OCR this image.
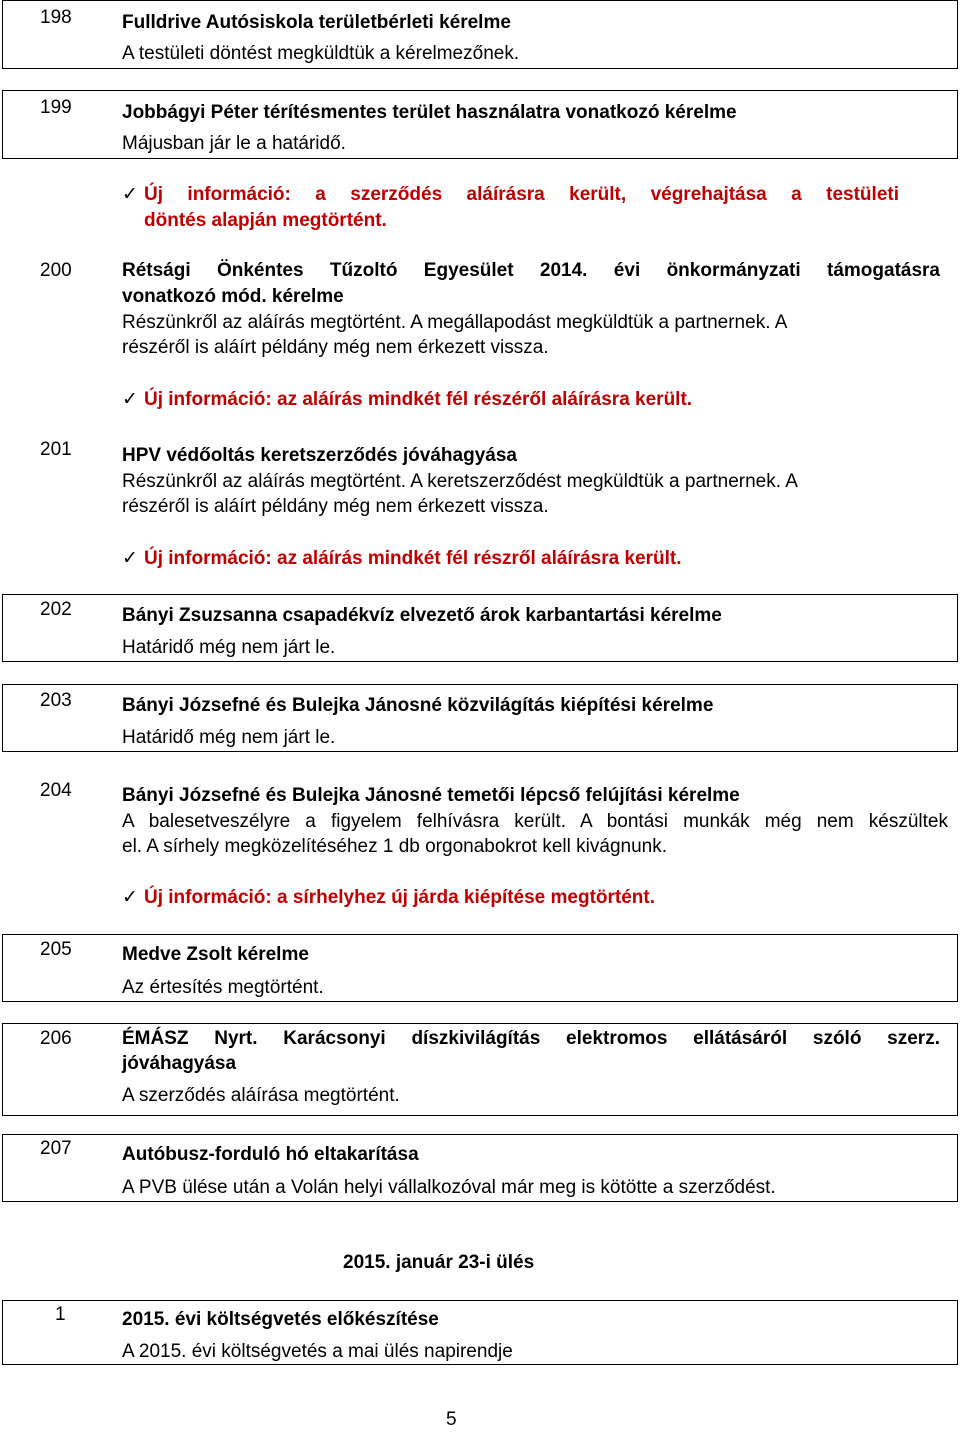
198	Fulldrive Autósiskola területbérleti kérelme
A testületi döntést megküldtük a kérelmezőnek.
199	Jobbágyi Péter térítésmentes terület használatra vonatkozó kérelme
Májusban jár le a határidő.
✓ Új információ: a szerződés aláírásra került, végrehajtása a testületi
döntés alapján megtörtént.
200	Rétsági Önkéntes Tűzoltó Egyesület 2014. évi önkormányzati támogatásra
vonatkozó mód. kérelme
Részünkről az aláírás megtörtént. A megállapodást megküldtük a partnernek. A
részéről is aláírt példány még nem érkezett vissza.
✓ Új információ: az aláírás mindkét fél részéről aláírásra került.
201	HPV védőoltás keretszerződés jóváhagyása
Részünkről az aláírás megtörtént. A keretszerződést megküldtük a partnernek. A
részéről is aláírt példány még nem érkezett vissza.
✓ Új információ: az aláírás mindkét fél részről aláírásra került.
202	Bányi Zsuzsanna csapadékvíz elvezető árok karbantartási kérelme
Határidő még nem járt le.
203	Bányi Józsefné és Bulejka Jánosné közvilágítás kiépítési kérelme
Határidő még nem járt le.
204	Bányi Józsefné és Bulejka Jánosné temetői lépcső felújítási kérelme
A balesetveszélyre a figyelem felhívásra került. A bontási munkák még nem készültek
el. A sírhely megközelítéséhez 1 db orgonabokrot kell kivágnunk.
✓ Új információ: a sírhelyhez új járda kiépítése megtörtént.
205	Medve Zsolt kérelme
Az értesítés megtörtént.
206	ÉMÁSZ Nyrt. Karácsonyi díszkivilágítás elektromos ellátásáról szóló szerz.
jóváhagyása
A szerződés aláírása megtörtént.
207	Autóbusz-forduló hó eltakarítása
A PVB ülése után a Volán helyi vállalkozóval már meg is kötötte a szerződést.
2015. január 23-i ülés
1	2015. évi költségvetés előkészítése
A 2015. évi költségvetés a mai ülés napirendje
5
